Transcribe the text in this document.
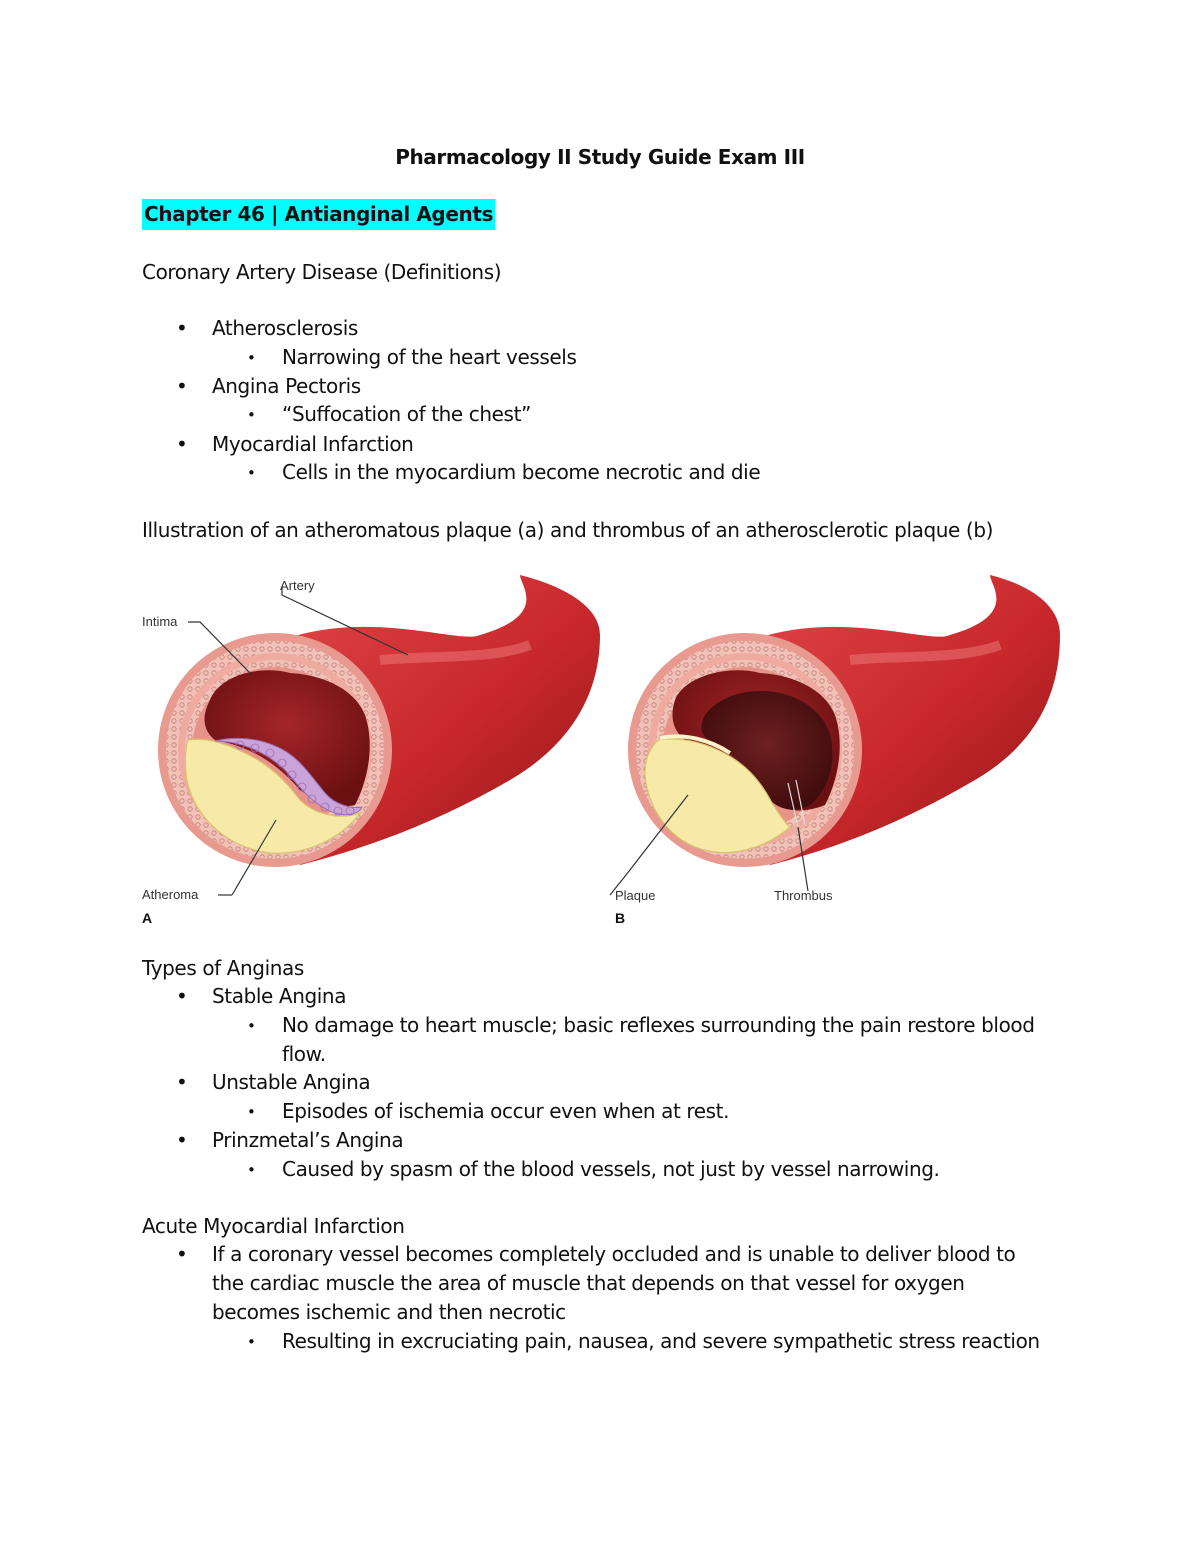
Pharmacology II Study Guide Exam III
Chapter 46 | Antianginal Agents
Coronary Artery Disease (Definitions)
• Atherosclerosis
• Narrowing of the heart vessels
• Angina Pectoris
• “Suffocation of the chest”
• Myocardial Infarction
• Cells in the myocardium become necrotic and die
Illustration of an atheromatous plaque (a) and thrombus of an atherosclerotic plaque (b)
Artery
Intima
Atheroma
A
Plaque	Thrombus
B
Types of Anginas
• Stable Angina
• No damage to heart muscle; basic reflexes surrounding the pain restore blood flow.
• Unstable Angina
• Episodes of ischemia occur even when at rest.
• Prinzmetal’s Angina
• Caused by spasm of the blood vessels, not just by vessel narrowing.
Acute Myocardial Infarction
• If a coronary vessel becomes completely occluded and is unable to deliver blood to the cardiac muscle the area of muscle that depends on that vessel for oxygen becomes ischemic and then necrotic
• Resulting in excruciating pain, nausea, and severe sympathetic stress reaction
